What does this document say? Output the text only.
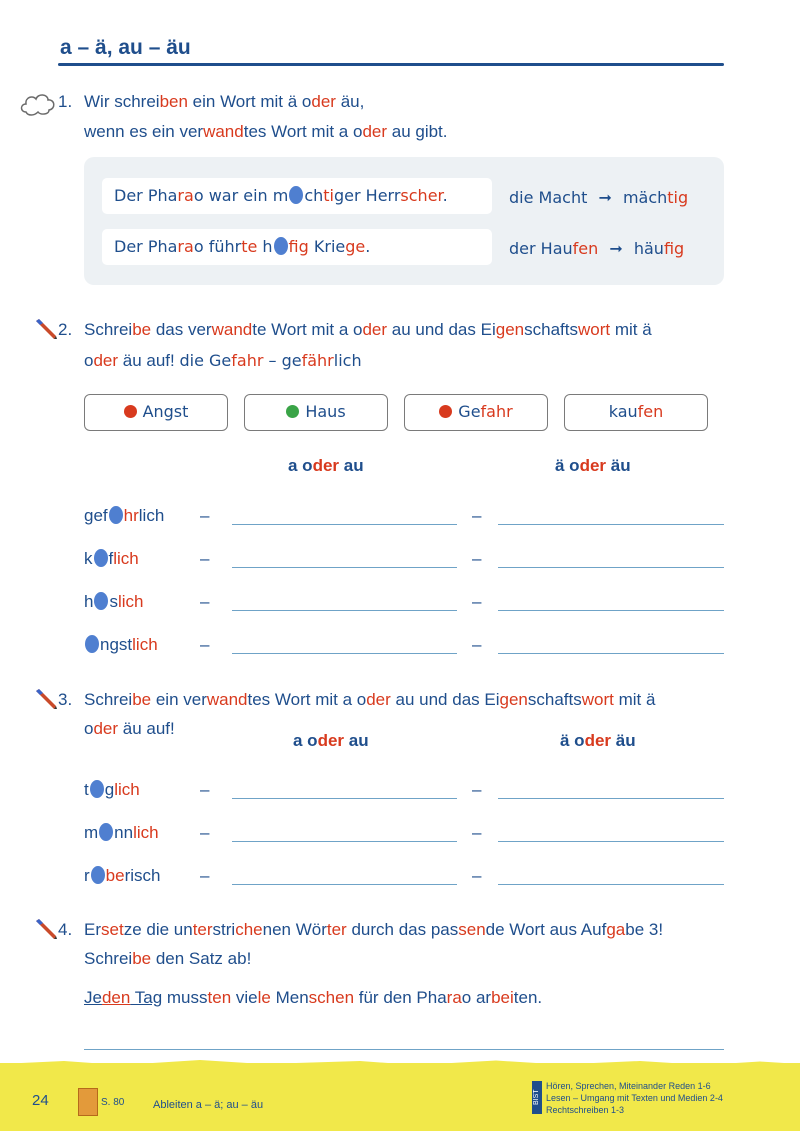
a – ä, au – äu
1. Wir schreiben ein Wort mit ä oder äu,
wenn es ein verwandtes Wort mit a oder au gibt.
Der Pharao war ein m chtiger Herrscher.	die Macht ➞ mächtig
Der Pharao führte h fig Kriege.	der Haufen ➞ häufig
2. Schreibe das verwandte Wort mit a oder au und das Eigenschaftswort mit ä
oder äu auf! die Gefahr – gefährlich
Angst	Haus	Gefahr	kaufen
a oder au	ä oder äu
gef hrlich –	–
k flich	–	–
h slich	–	–
ngstlich –	–
3. Schreibe ein verwandtes Wort mit a oder au und das Eigenschaftswort mit ä
oder äu auf!
a oder au	ä oder äu
t glich	–	–
m nnlich –	–
r berisch –	–
4. Ersetze die unterstrichenen Wörter durch das passende Wort aus Aufgabe 3!
Schreibe den Satz ab!
Jeden Tag mussten viele Menschen für den Pharao arbeiten.
24	S. 80	Ableiten a – ä; au – äu	BIST
Hören, Sprechen, Miteinander Reden 1-6
Lesen – Umgang mit Texten und Medien 2-4
Rechtschreiben 1-3
